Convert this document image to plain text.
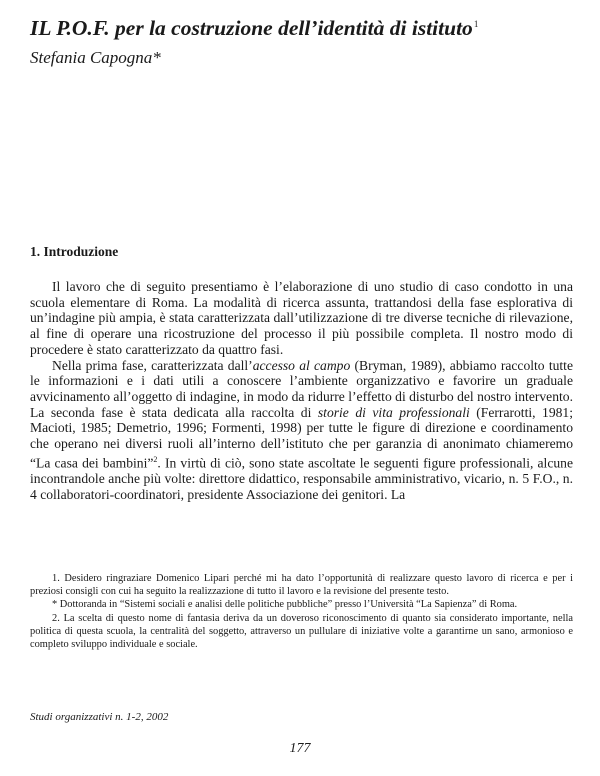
IL P.O.F. per la costruzione dell’identità di istituto$^1$
Stefania Capogna*
1. Introduzione

Il lavoro che di seguito presentiamo è l’elaborazione di uno studio di caso condotto in una scuola elementare di Roma. La modalità di ricerca assunta, trattandosi della fase esplorativa di un’indagine più ampia, è stata caratterizzata dall’utilizzazione di tre diverse tecniche di rilevazione, al fine di operare una ricostruzione del processo il più possibile completa. Il nostro modo di procedere è stato caratterizzato da quattro fasi.

Nella prima fase, caratterizzata dall’accesso al campo (Bryman, 1989), abbiamo raccolto tutte le informazioni e i dati utili a conoscere l’ambiente organizzativo e favorire un graduale avvicinamento all’oggetto di indagine, in modo da ridurre l’effetto di disturbo del nostro intervento. La seconda fase è stata dedicata alla raccolta di storie di vita professionali (Ferrarotti, 1981; Macioti, 1985; Demetrio, 1996; Formenti, 1998) per tutte le figure di direzione e coordinamento che operano nei diversi ruoli all’interno dell’istituto che per garanzia di anonimato chiameremo “La casa dei bambini”$^2$. In virtù di ciò, sono state ascoltate le seguenti figure professionali, alcune incontrandole anche più volte: direttore didattico, responsabile amministrativo, vicario, n. 5 F.O., n. 4 collaboratori-coordinatori, presidente Associazione dei genitori. La

1. Desidero ringraziare Domenico Lipari perché mi ha dato l’opportunità di realizzare questo lavoro di ricerca e per i preziosi consigli con cui ha seguito la realizzazione di tutto il lavoro e la revisione del presente testo.

* Dottoranda in “Sistemi sociali e analisi delle politiche pubbliche” presso l’Università “La Sapienza” di Roma.

2. La scelta di questo nome di fantasia deriva da un doveroso riconoscimento di quanto sia considerato importante, nella politica di questa scuola, la centralità del soggetto, attraverso un pullulare di iniziative volte a garantirne un sano, armonioso e completo sviluppo individuale e sociale.

Studi organizzativi n. 1-2, 2002
177
